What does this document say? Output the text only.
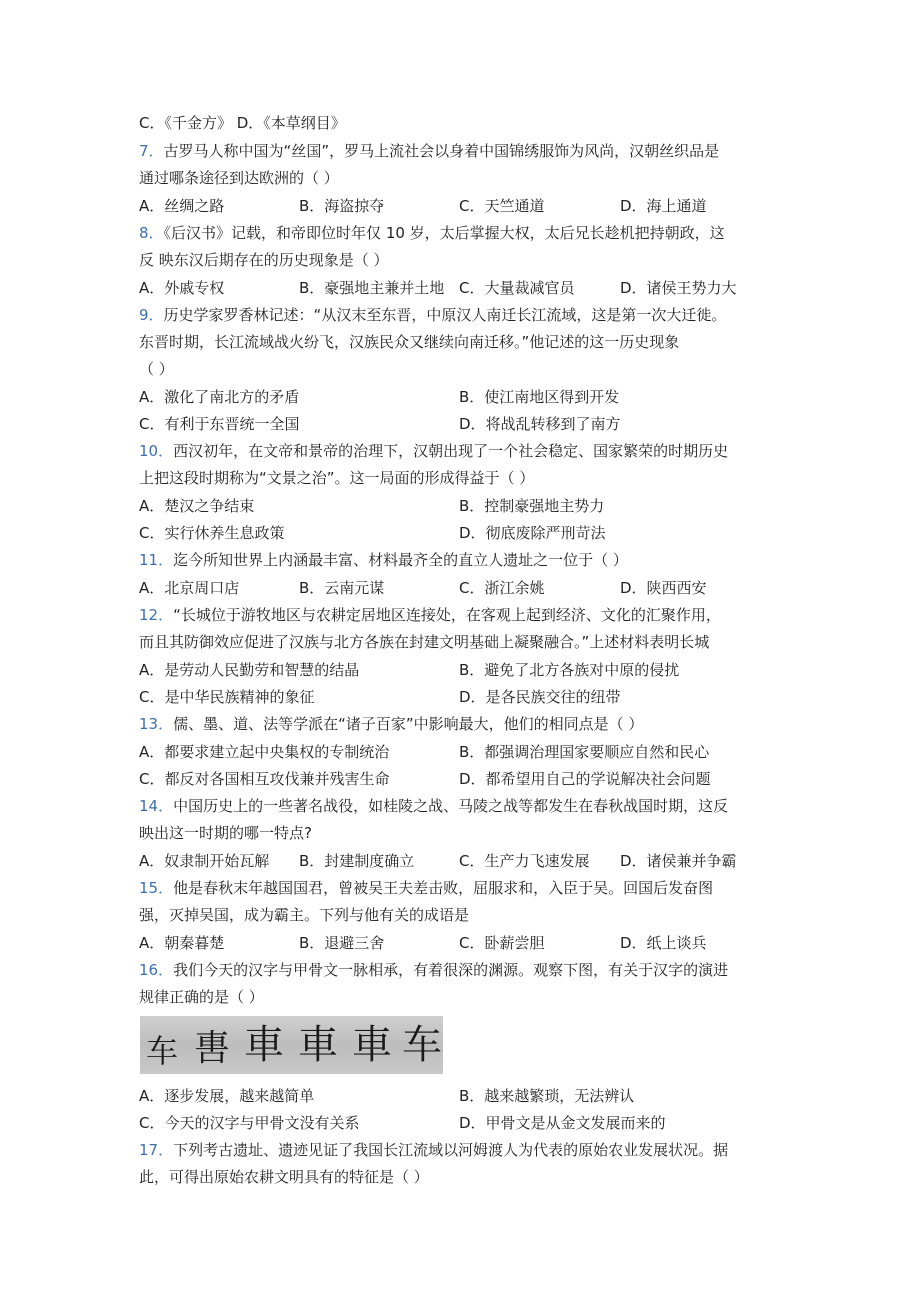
C．《千金方》 D．《本草纲目》
7．古罗马人称中国为“丝国”，罗马上流社会以身着中国锦绣服饰为风尚，汉朝丝织品是
通过哪条途径到达欧洲的（ ）
A．丝绸之路	B．海盗掠夺	C．天竺通道	D．海上通道
8．《后汉书》记载，和帝即位时年仅 10 岁，太后掌握大权，太后兄长趁机把持朝政，这
反 映东汉后期存在的历史现象是（ ）
A．外戚专权	B．豪强地主兼并土地 C．大量裁减官员	D．诸侯王势力大
9．历史学家罗香林记述：“从汉末至东晋，中原汉人南迁长江流域，这是第一次大迁徙。
东晋时期，长江流域战火纷飞，汉族民众又继续向南迁移。”他记述的这一历史现象
（ ）
A．激化了南北方的矛盾	B．使江南地区得到开发
C．有利于东晋统一全国	D．将战乱转移到了南方
10．西汉初年，在文帝和景帝的治理下，汉朝出现了一个社会稳定、国家繁荣的时期历史
上把这段时期称为“文景之治”。这一局面的形成得益于（ ）
A．楚汉之争结束	B．控制豪强地主势力
C．实行休养生息政策	D．彻底废除严刑苛法
11．迄今所知世界上内涵最丰富、材料最齐全的直立人遗址之一位于（ ）
A．北京周口店	B．云南元谋	C．浙江余姚	D．陕西西安
12．“长城位于游牧地区与农耕定居地区连接处，在客观上起到经济、文化的汇聚作用，
而且其防御效应促进了汉族与北方各族在封建文明基础上凝聚融合。”上述材料表明长城
A．是劳动人民勤劳和智慧的结晶	B．避免了北方各族对中原的侵扰
C．是中华民族精神的象征	D．是各民族交往的纽带
13．儒、墨、道、法等学派在“诸子百家”中影响最大，他们的相同点是（ ）
A．都要求建立起中央集权的专制统治	B．都强调治理国家要顺应自然和民心
C．都反对各国相互攻伐兼并残害生命	D．都希望用自己的学说解决社会问题
14．中国历史上的一些著名战役，如桂陵之战、马陵之战等都发生在春秋战国时期，这反
映出这一时期的哪一特点?
A．奴隶制开始瓦解 B．封建制度确立	C．生产力飞速发展 D．诸侯兼并争霸
15．他是春秋末年越国国君，曾被吴王夫差击败，屈服求和，入臣于吴。回国后发奋图
强，灭掉吴国，成为霸主。下列与他有关的成语是
A．朝秦暮楚	B．退避三舍	C．卧薪尝胆	D．纸上谈兵
16．我们今天的汉字与甲骨文一脉相承，有着很深的渊源。观察下图，有关于汉字的演进
规律正确的是（ ）
车 軎 車 車 車 车
A．逐步发展，越来越简单	B．越来越繁琐，无法辨认
C．今天的汉字与甲骨文没有关系	D．甲骨文是从金文发展而来的
17．下列考古遗址、遗迹见证了我国长江流域以河姆渡人为代表的原始农业发展状况。据
此，可得出原始农耕文明具有的特征是（ ）
